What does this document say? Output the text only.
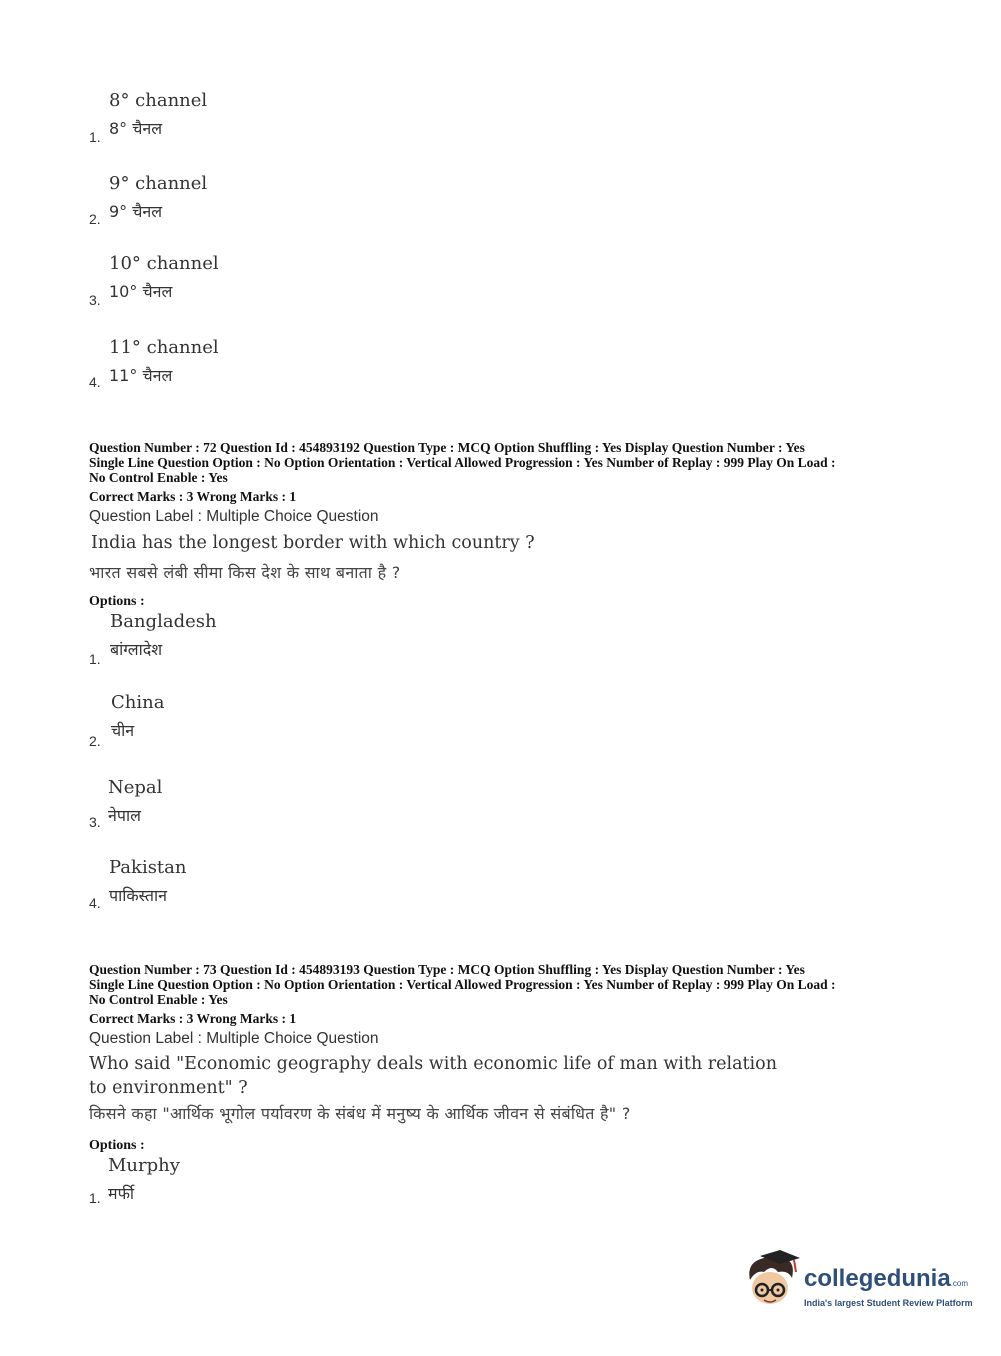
8° channel
8° चैनल
1.
9° channel
9° चैनल
2.
10° channel
10° चैनल
3.
11° channel
11° चैनल
4.
Question Number : 72 Question Id : 454893192 Question Type : MCQ Option Shuffling : Yes Display Question Number : Yes
Single Line Question Option : No Option Orientation : Vertical Allowed Progression : Yes Number of Replay : 999 Play On Load :
No Control Enable : Yes
Correct Marks : 3 Wrong Marks : 1
Question Label : Multiple Choice Question
India has the longest border with which country ?
भारत सबसे लंबी सीमा किस देश के साथ बनाता है ?
Options :
Bangladesh
बांग्लादेश
1.
China
चीन
2.
Nepal
नेपाल
3.
Pakistan
पाकिस्तान
4.
Question Number : 73 Question Id : 454893193 Question Type : MCQ Option Shuffling : Yes Display Question Number : Yes
Single Line Question Option : No Option Orientation : Vertical Allowed Progression : Yes Number of Replay : 999 Play On Load :
No Control Enable : Yes
Correct Marks : 3 Wrong Marks : 1
Question Label : Multiple Choice Question
Who said "Economic geography deals with economic life of man with relation
to environment" ?
किसने कहा "आर्थिक भूगोल पर्यावरण के संबंध में मनुष्य के आर्थिक जीवन से संबंधित है" ?
Options :
Murphy
मर्फी
1.
collegedunia.com
India's largest Student Review Platform
